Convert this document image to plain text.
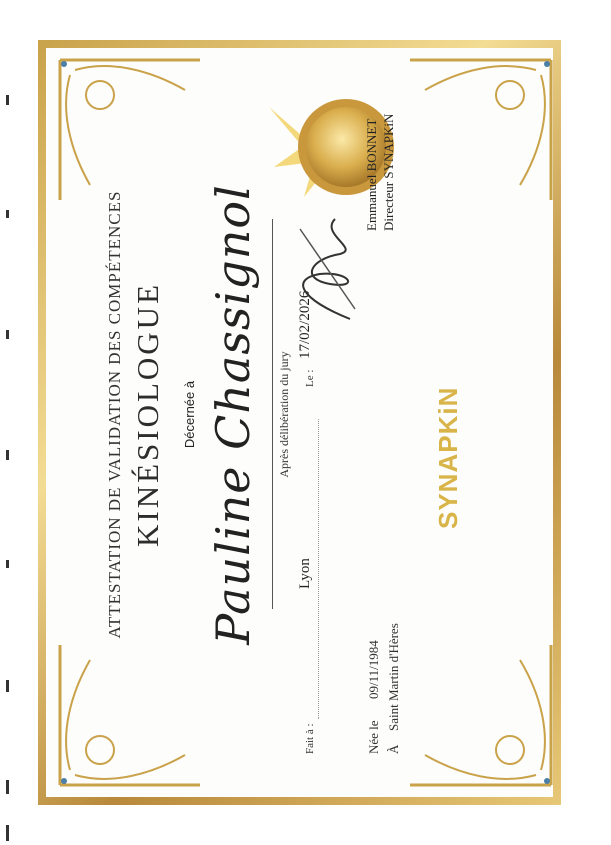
ATTESTATION DE VALIDATION DES COMPÉTENCES KINÉSIOLOGUE Décernée à Pauline Chassignol Après délibération du jury
Fait à :
Lyon
Le :
17/02/2026
Née le
09/11/1984
À
Saint Martin d'Hères
SYNAPKiN
Emmanuel BONNET Directeur SYNAPKiN
